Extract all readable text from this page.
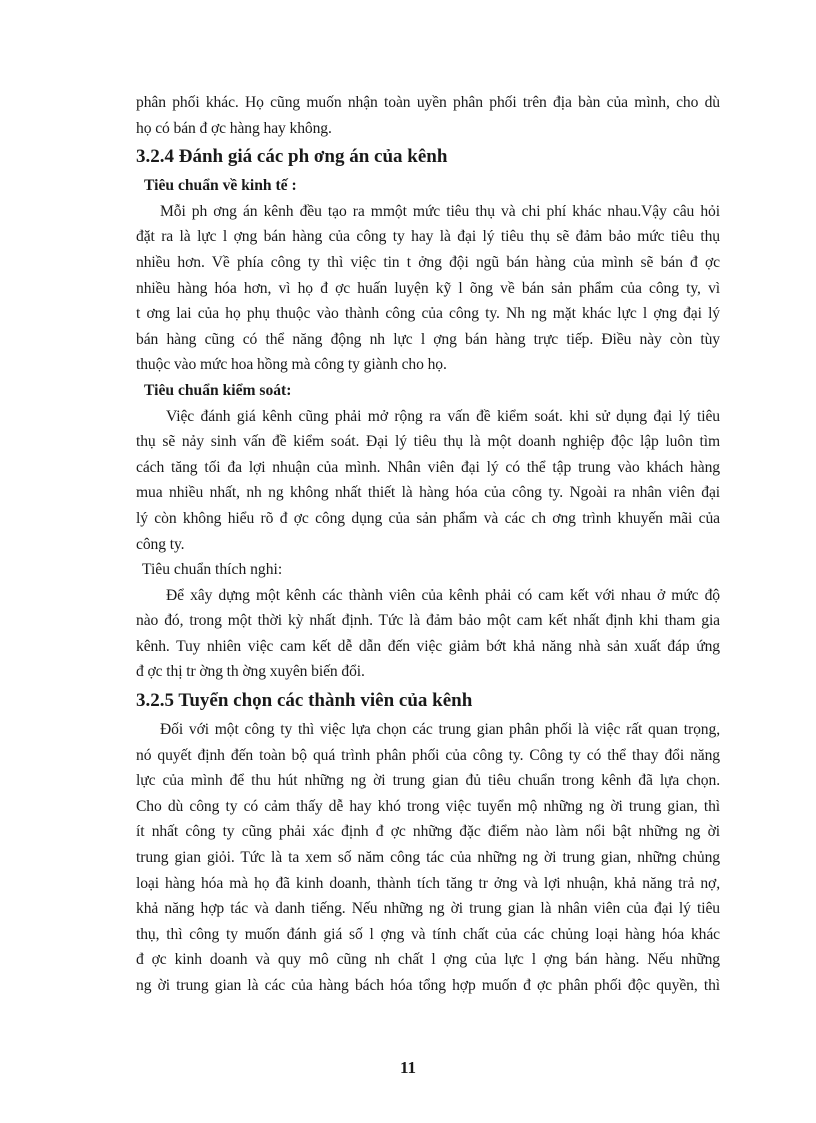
phân phối khác. Họ cũng muốn nhận toàn uyền phân phối trên địa bàn của mình, cho dù
họ có bán đ ợc hàng hay không.
3.2.4 Đánh giá các ph ơng án của kênh
Tiêu chuẩn về kinh tế :
Mỗi ph ơng án kênh đều tạo ra mmột mức tiêu thụ và chi phí khác nhau.Vậy câu hỏi
đặt ra là lực l ợng bán hàng của công ty hay là đại lý tiêu thụ sẽ đảm bảo mức tiêu thụ
nhiều hơn. Về phía công ty thì việc tin t ởng đội ngũ bán hàng của mình sẽ bán đ ợc
nhiều hàng hóa hơn, vì họ đ ợc huấn luyện kỹ l õng về bán sản phẩm của công ty, vì
t ơng lai của họ phụ thuộc vào thành công của công ty. Nh ng mặt khác lực l ợng đại lý
bán hàng cũng có thể năng động nh lực l ợng bán hàng trực tiếp. Điều này còn tùy
thuộc vào mức hoa hồng mà công ty giành cho họ.
Tiêu chuẩn kiểm soát:
Việc đánh giá kênh cũng phải mở rộng ra vấn đề kiểm soát. khi sử dụng đại lý tiêu
thụ sẽ nảy sinh vấn đề kiểm soát. Đại lý tiêu thụ là một doanh nghiệp độc lập luôn tìm
cách tăng tối đa lợi nhuận của mình. Nhân viên đại lý có thể tập trung vào khách hàng
mua nhiều nhất, nh ng không nhất thiết là hàng hóa của công ty. Ngoài ra nhân viên đại
lý còn không hiểu rõ đ ợc công dụng của sản phẩm và các ch ơng trình khuyến mãi của
công ty.
Tiêu chuẩn thích nghi:
Để xây dựng một kênh các thành viên của kênh phải có cam kết với nhau ở mức độ
nào đó, trong một thời kỳ nhất định. Tức là đảm bảo một cam kết nhất định khi tham gia
kênh. Tuy nhiên việc cam kết dễ dẫn đến việc giảm bớt khả năng nhà sản xuất đáp ứng
đ ợc thị tr ờng th ờng xuyên biến đổi.
3.2.5 Tuyển chọn các thành viên của kênh
Đối với một công ty thì việc lựa chọn các trung gian phân phối là việc rất quan trọng,
nó quyết định đến toàn bộ quá trình phân phối của công ty. Công ty có thể thay đổi năng
lực của mình để thu hút những ng ời trung gian đủ tiêu chuẩn trong kênh đã lựa chọn.
Cho dù công ty có cảm thấy dễ hay khó trong việc tuyển mộ những ng ời trung gian, thì
ít nhất công ty cũng phải xác định đ ợc những đặc điểm nào làm nổi bật những ng ời
trung gian giỏi. Tức là ta xem số năm công tác của những ng ời trung gian, những chủng
loại hàng hóa mà họ đã kinh doanh, thành tích tăng tr ởng và lợi nhuận, khả năng trả nợ,
khả năng hợp tác và danh tiếng. Nếu những ng ời trung gian là nhân viên của đại lý tiêu
thụ, thì công ty muốn đánh giá số l ợng và tính chất của các chủng loại hàng hóa khác
đ ợc kinh doanh và quy mô cũng nh chất l ợng của lực l ợng bán hàng. Nếu những
ng ời trung gian là các của hàng bách hóa tổng hợp muốn đ ợc phân phối độc quyền, thì
11
